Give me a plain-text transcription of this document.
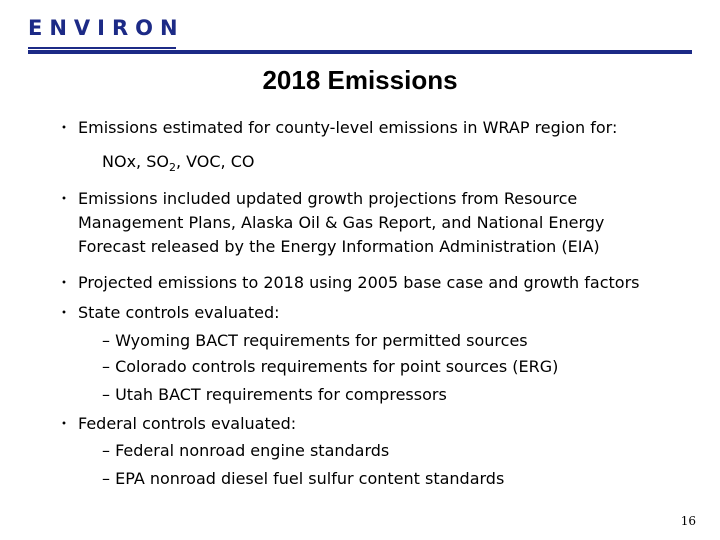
ENVIRON
2018 Emissions
・ Emissions estimated for county-level emissions in WRAP region for:
NOx, $SO_2$, VOC, CO
・ Emissions included updated growth projections from Resource
Management Plans, Alaska Oil & Gas Report, and National Energy
Forecast released by the Energy Information Administration (EIA)
・ Projected emissions to 2018 using 2005 base case and growth factors
・ State controls evaluated:
– Wyoming BACT requirements for permitted sources
– Colorado controls requirements for point sources (ERG)
– Utah BACT requirements for compressors
・ Federal controls evaluated:
– Federal nonroad engine standards
– EPA nonroad diesel fuel sulfur content standards
16
